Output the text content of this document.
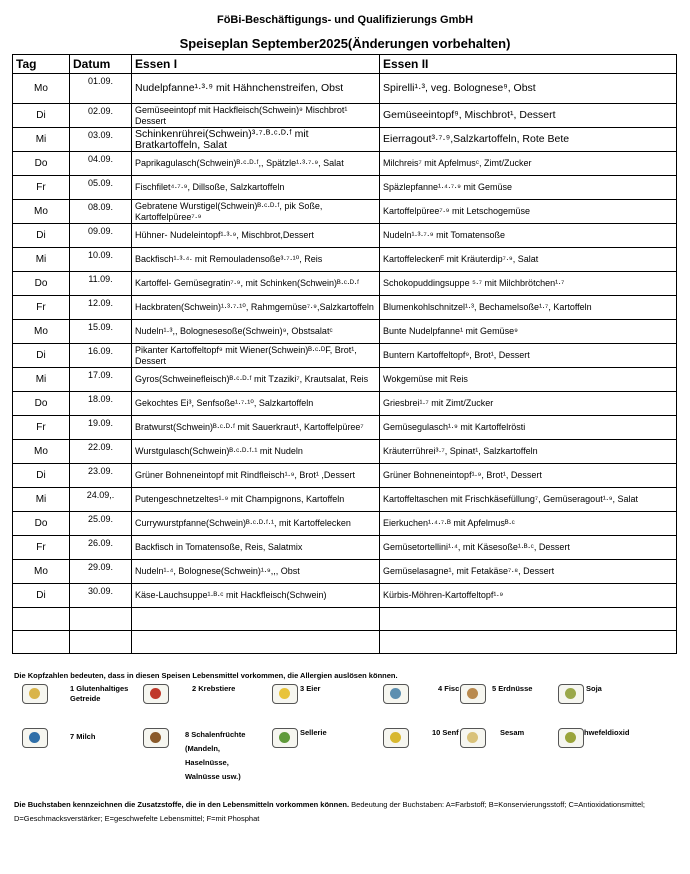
FöBi-Beschäftigungs- und Qualifizierungs GmbH
Speiseplan September2025(Änderungen vorbehalten)
Tag	Datum	Essen I	Essen II
Mo	01.09.	Nudelpfanne¹·³·⁹ mit Hähnchenstreifen, Obst	Spirelli¹·³, veg. Bolognese⁹, Obst
Di	02.09.	Gemüseeintopf mit Hackfleisch(Schwein)⁹ Mischbrot¹ Dessert	Gemüseeintopf⁹, Mischbrot¹, Dessert
Mi	03.09.	Schinkenrührei(Schwein)³·⁷·ᴮ·ᶜ·ᴰ·ᶠ mit Bratkartoffeln, Salat	Eierragout³·⁷·⁹,Salzkartoffeln, Rote Bete
Do	04.09.	Paprikagulasch(Schwein)ᴮ·ᶜ·ᴰ·ᶠ,, Spätzle¹·³·⁷·⁹, Salat	Milchreis⁷ mit Apfelmusᶜ, Zimt/Zucker
Fr	05.09.	Fischfilet⁴·⁷·⁹, Dillsoße, Salzkartoffeln	Späzlepfanne¹·⁴·⁷·⁹ mit Gemüse
Mo	08.09.	Gebratene Wurstigel(Schwein)ᴮ·ᶜ·ᴰ·ᶠ, pik Soße, Kartoffelpüree⁷·⁹	Kartoffelpüree⁷·⁹ mit Letschogemüse
Di	09.09.	Hühner- Nudeleintopf¹·³·⁹, Mischbrot,Dessert	Nudeln¹·³·⁷·⁹ mit Tomatensoße
Mi	10.09.	Backfisch¹·³·⁴· mit Remouladensoße³·⁷·¹⁰, Reis	Kartoffeleckenᴱ mit Kräuterdip⁷·⁹, Salat
Do	11.09.	Kartoffel- Gemüsegratin⁷·⁹, mit Schinken(Schwein)ᴮ·ᶜ·ᴰ·ᶠ	Schokopuddingsuppe ⁵·⁷ mit Milchbrötchen¹·⁷
Fr	12.09.	Hackbraten(Schwein)¹·³·⁷·¹⁰, Rahmgemüse⁷·⁹,Salzkartoffeln	Blumenkohlschnitzel¹·³, Bechamelsoße¹·⁷, Kartoffeln
Mo	15.09.	Nudeln¹·³,, Bolognesesoße(Schwein)⁹, Obstsalatᶜ	Bunte Nudelpfanne¹ mit Gemüse⁹
Di	16.09.	Pikanter Kartoffeltopf⁹ mit Wiener(Schwein)ᴮ·ᶜ·ᴰF, Brot¹, Dessert	Buntern Kartoffeltopf⁹, Brot¹, Dessert
Mi	17.09.	Gyros(Schweinefleisch)ᴮ·ᶜ·ᴰ·ᶠ mit Tzaziki⁷, Krautsalat, Reis	Wokgemüse mit Reis
Do	18.09.	Gekochtes Ei³, Senfsoße¹·⁷·¹⁰, Salzkartoffeln	Griesbrei¹·⁷ mit Zimt/Zucker
Fr	19.09.	Bratwurst(Schwein)ᴮ·ᶜ·ᴰ·ᶠ mit Sauerkraut¹, Kartoffelpüree⁷	Gemüsegulasch¹·⁹ mit Kartoffelrösti
Mo	22.09.	Wurstgulasch(Schwein)ᴮ·ᶜ·ᴰ·ᶠ·¹ mit Nudeln	Kräuterrührei³·⁷, Spinat¹, Salzkartoffeln
Di	23.09.	Grüner Bohneneintopf mit Rindfleisch¹·⁹, Brot¹ ,Dessert	Grüner Bohneneintopf¹·⁹, Brot¹, Dessert
Mi	24.09,.	Putengeschnetzeltes¹·⁹ mit Champignons, Kartoffeln	Kartoffeltaschen mit Frischkäsefüllung⁷, Gemüseragout¹·⁹, Salat
Do	25.09.	Currywurstpfanne(Schwein)ᴮ·ᶜ·ᴰ·ᶠ·¹, mit Kartoffelecken	Eierkuchen¹·⁴·⁷·ᴮ mit Apfelmusᴮ·ᶜ
Fr	26.09.	Backfisch in Tomatensoße, Reis, Salatmix	Gemüsetortellini¹·⁴, mit Käsesoße¹·ᴮ·ᶜ, Dessert
Mo	29.09.	Nudeln¹·⁴, Bolognese(Schwein)¹·⁹,,, Obst	Gemüselasagne¹, mit Fetakäse⁷·⁸, Dessert
Di	30.09.	Käse-Lauchsuppe¹·ᴮ·ᶜ mit Hackfleisch(Schwein)	Kürbis-Möhren-Kartoffeltopf¹·⁹

Die Kopfzahlen bedeuten, dass in diesen Speisen Lebensmittel vorkommen, die Allergien auslösen können.
1 Glutenhaltiges Getreide
2 Krebstiere	3 Eier	4 Fisc	5 Erdnüsse	Soja
7 Milch	8 Schalenfrüchte (Mandeln, Haselnüsse, Walnüsse usw.)
Sellerie	10 Senf	Sesam	hwefeldioxid
Die Buchstaben kennzeichnen die Zusatzstoffe, die in den Lebensmitteln vorkommen können. Bedeutung der Buchstaben: A=Farbstoff; B=Konservierungsstoff; C=Antioxidationsmittel; D=Geschmacksverstärker; E=geschwefelte Lebensmittel; F=mit Phosphat
